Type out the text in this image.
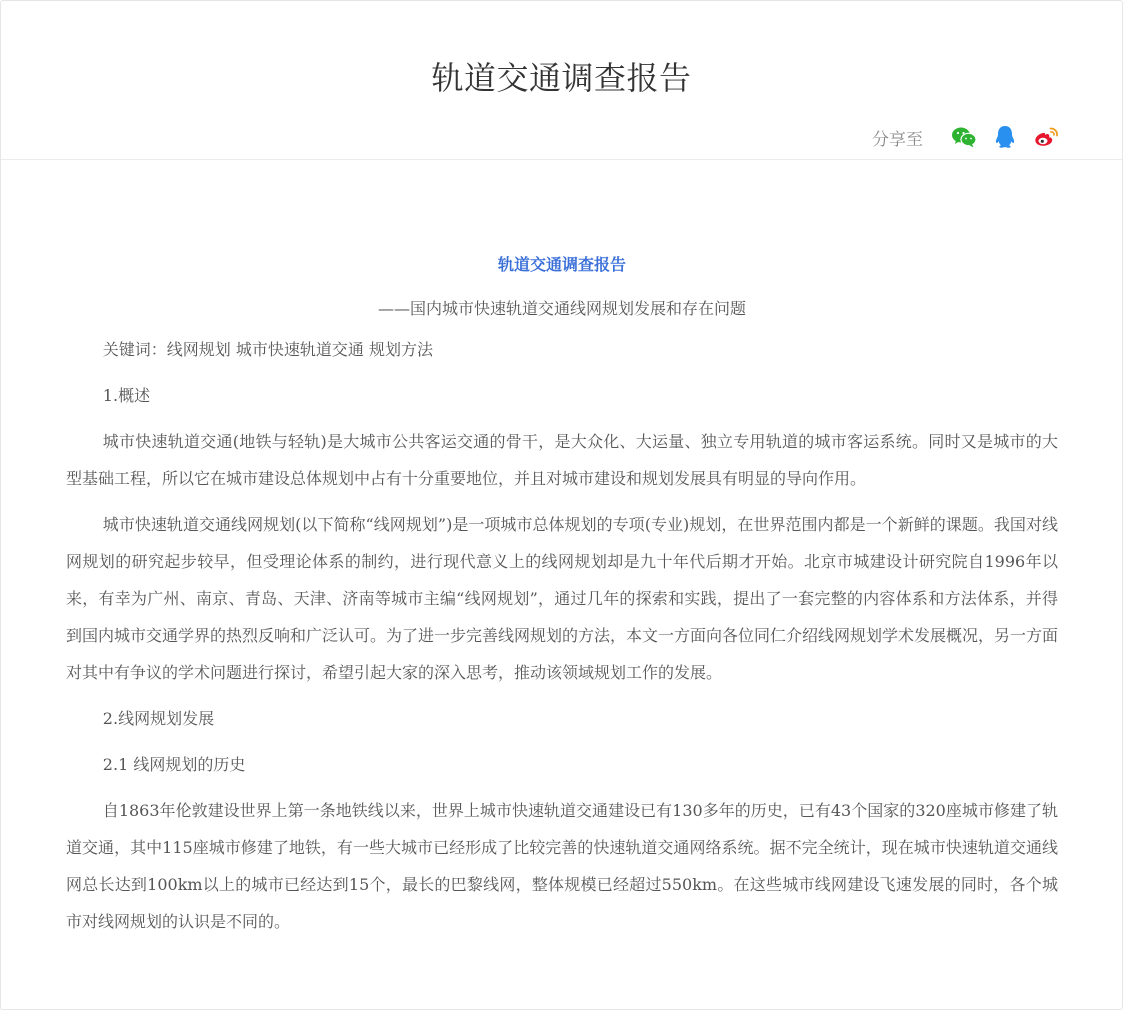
轨道交通调查报告
分享至

轨道交通调查报告

——国内城市快速轨道交通线网规划发展和存在问题

关键词：线网规划 城市快速轨道交通 规划方法

1.概述

城市快速轨道交通(地铁与轻轨)是大城市公共客运交通的骨干，是大众化、大运量、独立专用轨道的城市客运系统。同时又是城市的大型基础工程，所以它在城市建设总体规划中占有十分重要地位，并且对城市建设和规划发展具有明显的导向作用。

城市快速轨道交通线网规划(以下简称“线网规划”)是一项城市总体规划的专项(专业)规划，在世界范围内都是一个新鲜的课题。我国对线网规划的研究起步较早，但受理论体系的制约，进行现代意义上的线网规划却是九十年代后期才开始。北京市城建设计研究院自1996年以来，有幸为广州、南京、青岛、天津、济南等城市主编“线网规划”，通过几年的探索和实践，提出了一套完整的内容体系和方法体系，并得到国内城市交通学界的热烈反响和广泛认可。为了进一步完善线网规划的方法，本文一方面向各位同仁介绍线网规划学术发展概况，另一方面对其中有争议的学术问题进行探讨，希望引起大家的深入思考，推动该领域规划工作的发展。

2.线网规划发展

2.1 线网规划的历史

自1863年伦敦建设世界上第一条地铁线以来，世界上城市快速轨道交通建设已有130多年的历史，已有43个国家的320座城市修建了轨道交通，其中115座城市修建了地铁，有一些大城市已经形成了比较完善的快速轨道交通网络系统。据不完全统计，现在城市快速轨道交通线网总长达到100km以上的城市已经达到15个，最长的巴黎线网，整体规模已经超过550km。在这些城市线网建设飞速发展的同时，各个城市对线网规划的认识是不同的。
